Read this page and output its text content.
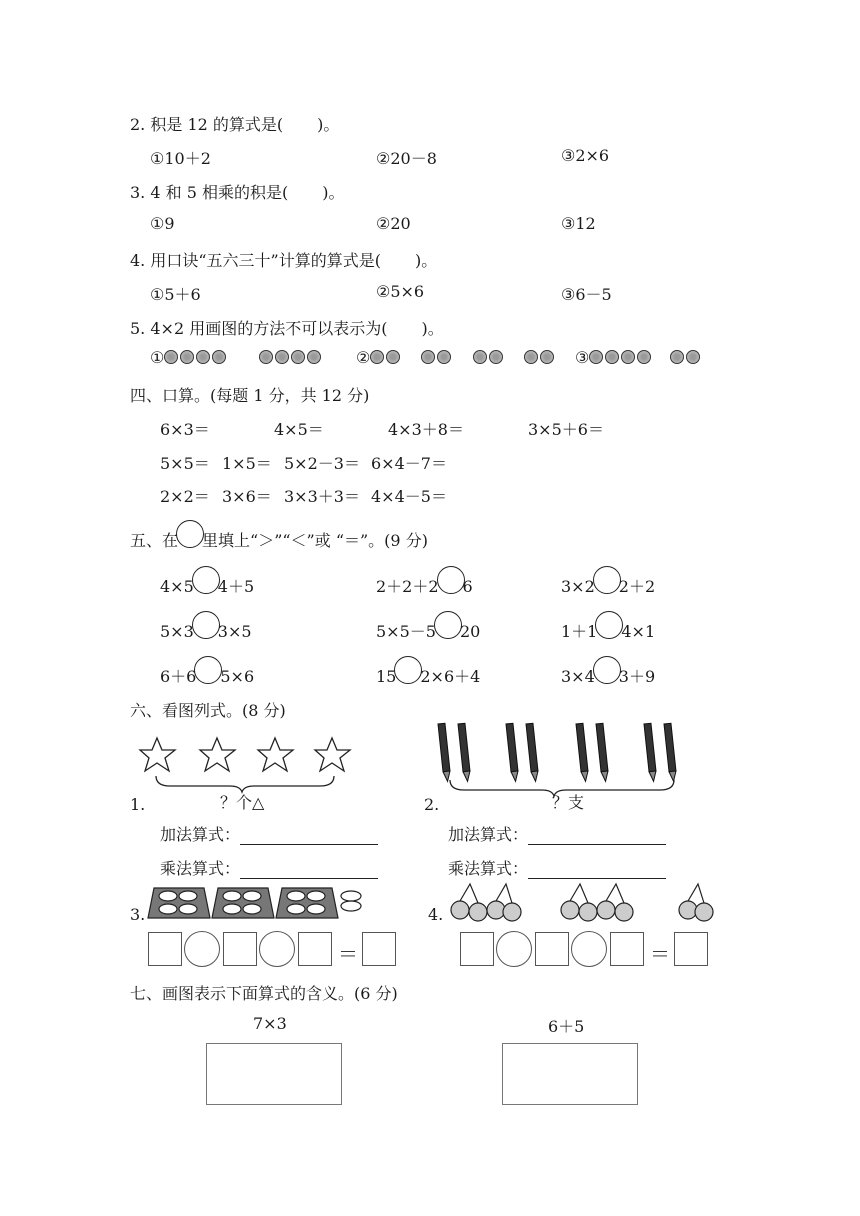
2. 积是 12 的算式是( )。
①10＋2	②20－8	③2×6
3. 4 和 5 相乘的积是( )。
①9	②20	③12
4. 用口诀“五六三十”计算的算式是( )。
①5＋6	②5×6	③6－5
5. 4×2 用画图的方法不可以表示为( )。
①	②	③
四、口算。(每题 1 分，共 12 分)
6×3＝	4×5＝	4×3＋8＝	3×5＋6＝
5×5＝ 1×5＝ 5×2－3＝ 6×4－7＝
2×2＝ 3×6＝ 3×3＋3＝ 4×4－5＝
五、在 里填上“＞”“＜”或 “＝”。(9 分)
4×5 4＋5	2＋2＋2 6	3×2 2＋2
5×3 3×5	5×5－5 20	1＋1 4×1
6＋6 5×6	15 2×6＋4	3×4 3＋9
六、看图列式。(8 分)
1.	？个△	2.	？支
加法算式：
乘法算式：
加法算式：
乘法算式：
3.	4.
＝	＝
七、画图表示下面算式的含义。(6 分)
7×3	6＋5
